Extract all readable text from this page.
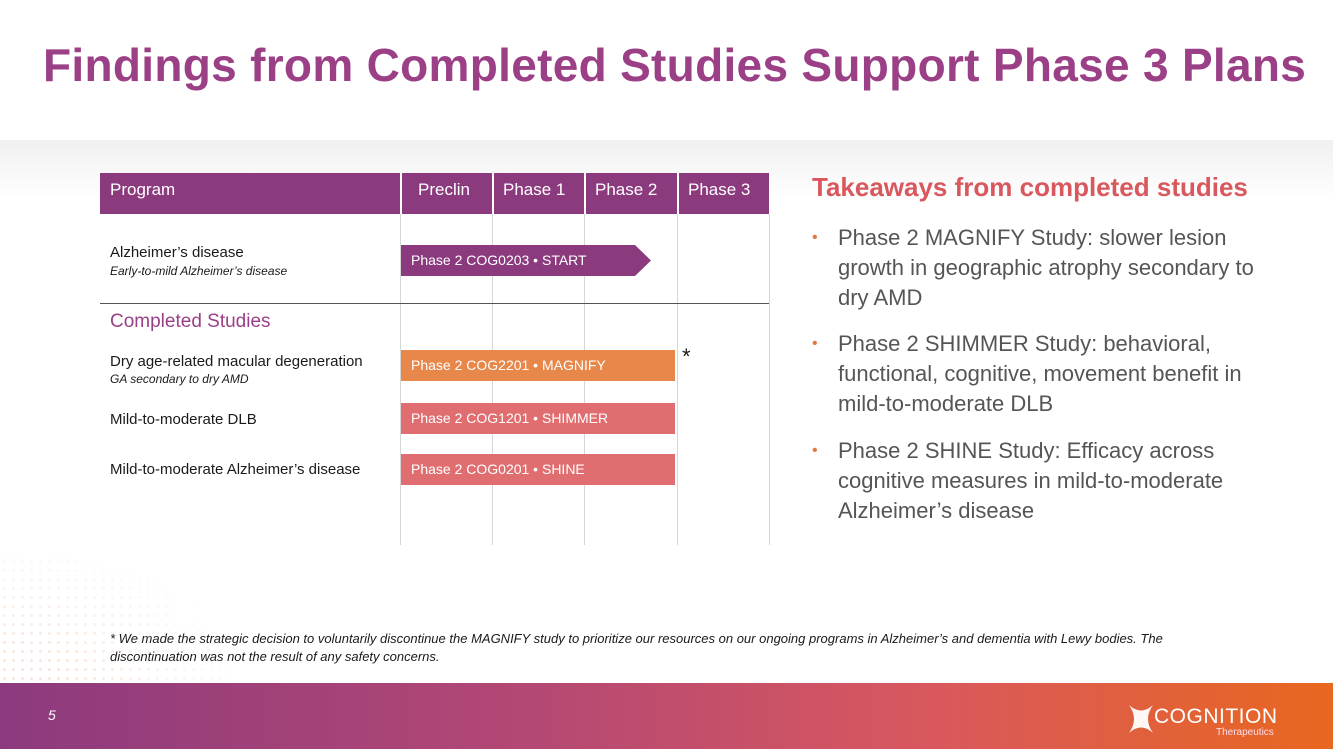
Findings from Completed Studies Support Phase 3 Plans
Program	Preclin Phase 1 Phase 2 Phase 3
Alzheimer’s disease
Early-to-mild Alzheimer’s disease
Phase 2 COG0203 • START
Completed Studies
Dry age-related macular degeneration
GA secondary to dry AMD
Phase 2 COG2201 • MAGNIFY	*
Mild-to-moderate DLB	Phase 2 COG1201 • SHIMMER
Mild-to-moderate Alzheimer’s disease	Phase 2 COG0201 • SHINE
Takeaways from completed studies
• Phase 2 MAGNIFY Study: slower lesion growth in geographic atrophy secondary to dry AMD
• Phase 2 SHIMMER Study: behavioral, functional, cognitive, movement benefit in mild-to-moderate DLB
• Phase 2 SHINE Study: Efficacy across cognitive measures in mild-to-moderate Alzheimer’s disease
* We made the strategic decision to voluntarily discontinue the MAGNIFY study to prioritize our resources on our ongoing programs in Alzheimer’s and dementia with Lewy bodies. The discontinuation was not the result of any safety concerns.
5	COGNITION
Therapeutics
